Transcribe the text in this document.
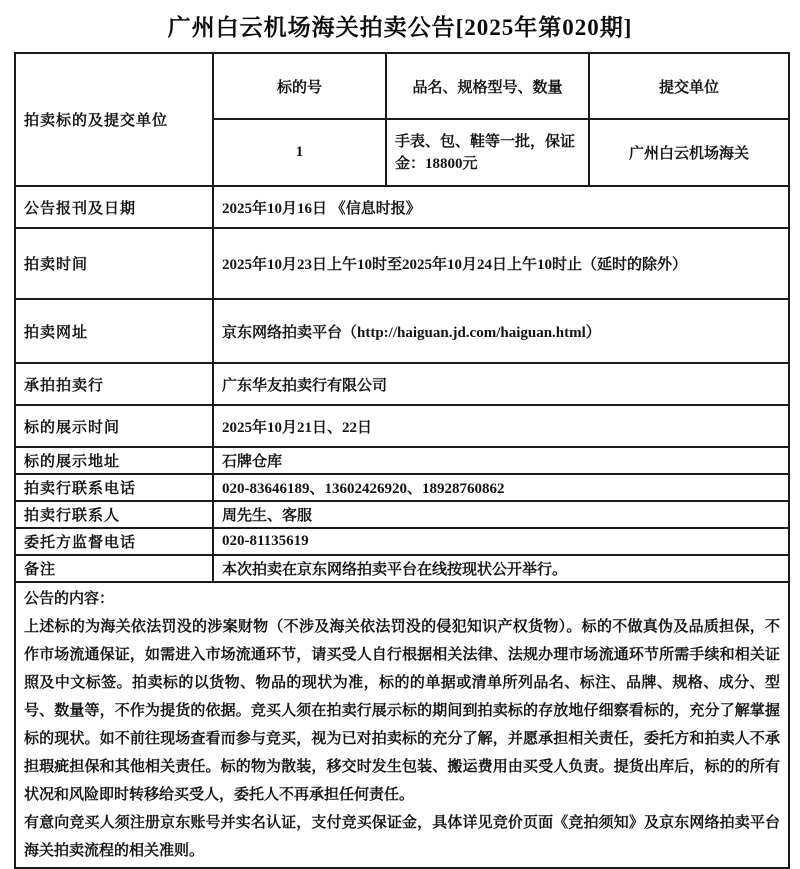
广州白云机场海关拍卖公告[2025年第020期]
拍卖标的及提交单位	标的号	品名、规格型号、数量	提交单位
	1	手表、包、鞋等一批，保证金：18800元	广州白云机场海关
公告报刊及日期	2025年10月16日 《信息时报》		
拍卖时间	2025年10月23日上午10时至2025年10月24日上午10时止（延时的除外）		
拍卖网址	京东网络拍卖平台（http://haiguan.jd.com/haiguan.html）		
承拍拍卖行	广东华友拍卖行有限公司		
标的展示时间	2025年10月21日、22日		
标的展示地址	石牌仓库		
拍卖行联系电话	020-83646189、13602426920、18928760862		
拍卖行联系人	周先生、客服		
委托方监督电话	020-81135619		
备注	本次拍卖在京东网络拍卖平台在线按现状公开举行。		

公告的内容：
上述标的为海关依法罚没的涉案财物（不涉及海关依法罚没的侵犯知识产权货物）。标的不做真伪及品质担保，不作市场流通保证，如需进入市场流通环节，请买受人自行根据相关法律、法规办理市场流通环节所需手续和相关证照及中文标签。拍卖标的以货物、物品的现状为准，标的的单据或清单所列品名、标注、品牌、规格、成分、型号、数量等，不作为提货的依据。竞买人须在拍卖行展示标的期间到拍卖标的存放地仔细察看标的，充分了解掌握标的现状。如不前往现场查看而参与竞买，视为已对拍卖标的充分了解，并愿承担相关责任，委托方和拍卖人不承担瑕疵担保和其他相关责任。标的物为散装，移交时发生包装、搬运费用由买受人负责。提货出库后，标的的所有状况和风险即时转移给买受人，委托人不再承担任何责任。
有意向竞买人须注册京东账号并实名认证，支付竞买保证金，具体详见竞价页面《竞拍须知》及京东网络拍卖平台海关拍卖流程的相关准则。			
